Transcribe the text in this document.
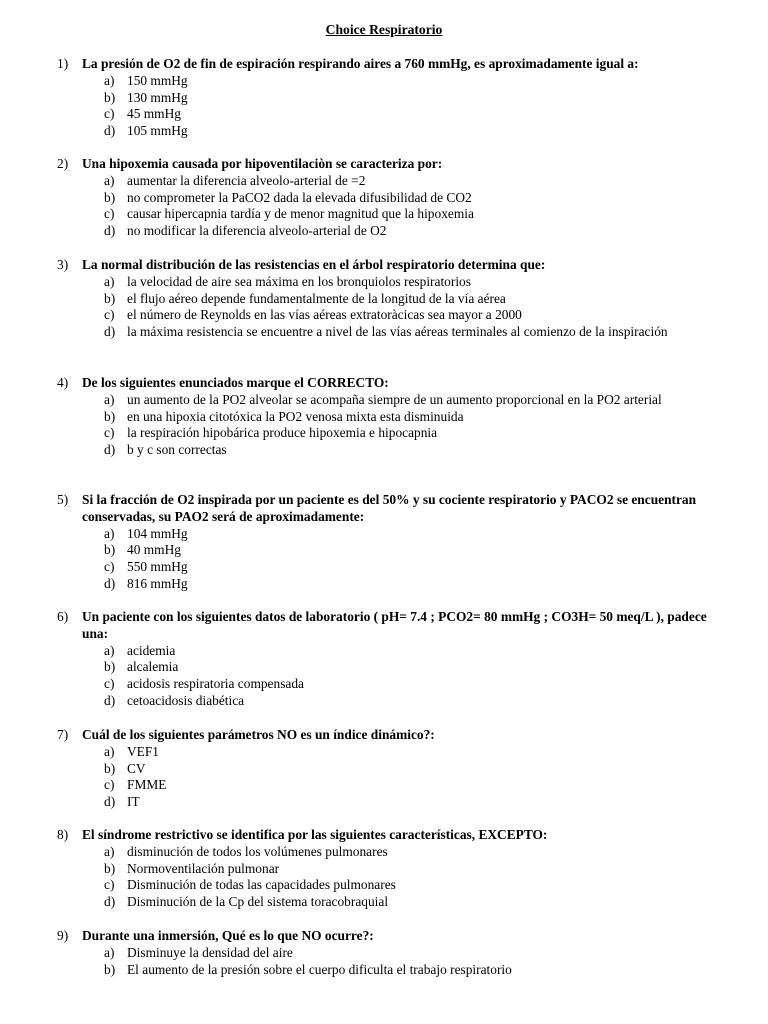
Choice Respiratorio
1) La presión de O2 de fin de espiración respirando aires a 760 mmHg, es aproximadamente igual a:
a) 150 mmHg
b) 130 mmHg
c) 45 mmHg
d) 105 mmHg
2) Una hipoxemia causada por hipoventilaciòn se caracteriza por:
a) aumentar la diferencia alveolo-arterial de =2
b) no comprometer la PaCO2 dada la elevada difusibilidad de CO2
c) causar hipercapnia tardía y de menor magnitud que la hipoxemia
d) no modificar la diferencia alveolo-arterial de O2
3) La normal distribución de las resistencias en el árbol respiratorio determina que:
a) la velocidad de aire sea máxima en los bronquiolos respiratorios
b) el flujo aéreo depende fundamentalmente de la longitud de la vía aérea
c) el número de Reynolds en las vías aéreas extratoràcicas sea mayor a 2000
d) la máxima resistencia se encuentre a nivel de las vías aéreas terminales al comienzo de la inspiración
4) De los siguientes enunciados marque el CORRECTO:
a) un aumento de la PO2 alveolar se acompaña siempre de un aumento proporcional en la PO2 arterial
b) en una hipoxia citotóxica la PO2 venosa mixta esta disminuida
c) la respiración hipobárica produce hipoxemia e hipocapnia
d) b y c son correctas
5) Si la fracción de O2 inspirada por un paciente es del 50% y su cociente respiratorio y PACO2 se encuentran conservadas, su PAO2 será de aproximadamente:
a) 104 mmHg
b) 40 mmHg
c) 550 mmHg
d) 816 mmHg
6) Un paciente con los siguientes datos de laboratorio ( pH= 7.4 ; PCO2= 80 mmHg ; CO3H= 50 meq/L ), padece una:
a) acidemia
b) alcalemia
c) acidosis respiratoria compensada
d) cetoacidosis diabética
7) Cuál de los siguientes parámetros NO es un índice dinámico?:
a) VEF1
b) CV
c) FMME
d) IT
8) El síndrome restrictivo se identifica por las siguientes características, EXCEPTO:
a) disminución de todos los volúmenes pulmonares
b) Normoventilación pulmonar
c) Disminución de todas las capacidades pulmonares
d) Disminución de la Cp del sistema toracobraquial
9) Durante una inmersión, Qué es lo que NO ocurre?:
a) Disminuye la densidad del aire
b) El aumento de la presión sobre el cuerpo dificulta el trabajo respiratorio
